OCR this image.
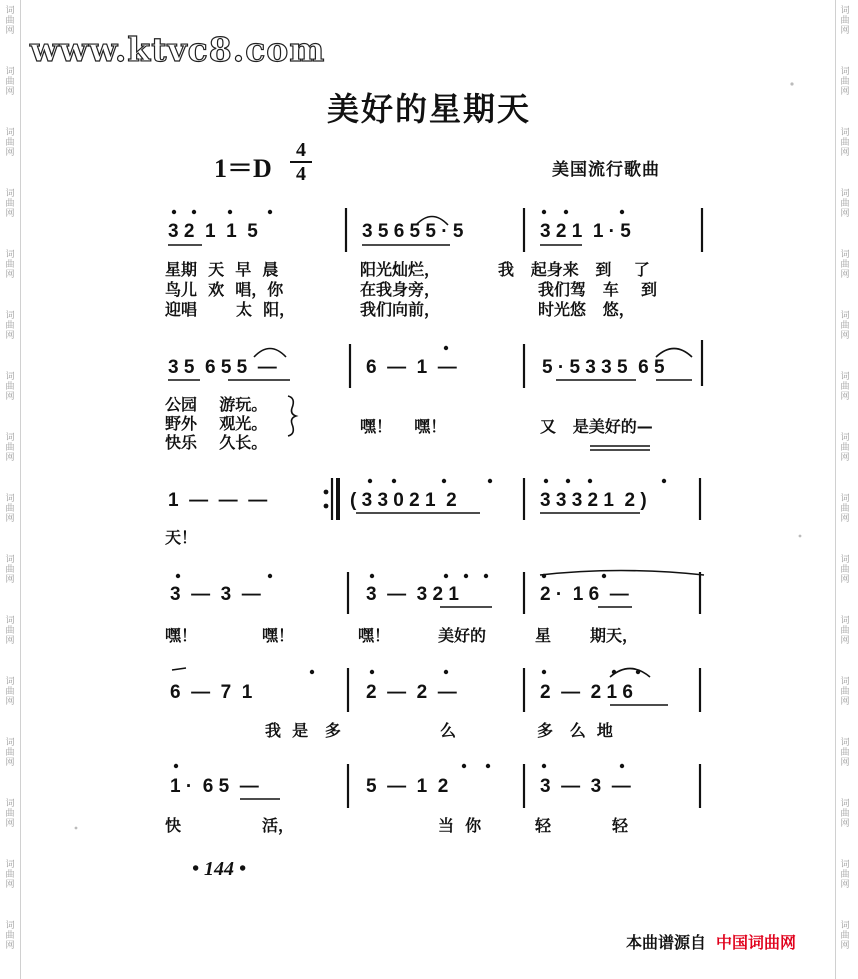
词曲网
词曲网
词曲网
词曲网
词曲网
词曲网
词曲网
词曲网
词曲网
词曲网
词曲网
词曲网
词曲网
词曲网
词曲网
词曲网
词曲网
词曲网
词曲网
词曲网
词曲网
词曲网
词曲网
词曲网
词曲网
词曲网
词曲网
词曲网
词曲网
词曲网
词曲网
词曲网
www.ktvc8.com
美好的星期天
1＝D
4
4	美国流行歌曲
3 2  1  1  5	3 5 6 5 5 · 5	3 2 1  1 · 5
星期  天  早  晨	阳光灿烂，	我   起身来   到    了
鸟儿  欢  唱，你	在我身旁，	我们驾   车    到
迎唱       太  阳，	我们向前，	时光悠   悠，
3 5  6 5 5  —	6  —  1  —	5 · 5 3 3 5  6 5
公园    游玩。
野外    观光。
快乐    久长。
嘿！    嘿！	又   是美好的—
1  —  —  —	( 3 3 0 2 1  2	3 3 3 2 1  2 )
天！
3  —  3  —	3  —  3 2 1	2 ·  1 6  —
嘿！	嘿！	嘿！	美好的	星 期天，
6  —  7  1	2  —  2  —	2  —  2 1 6
我  是   多	么	多   么  地
1 ·  6 5  —	5  —  1  2	3  —  3  —
快	活，	当  你	轻	轻
• 144 •
本曲谱源自 中国词曲网
